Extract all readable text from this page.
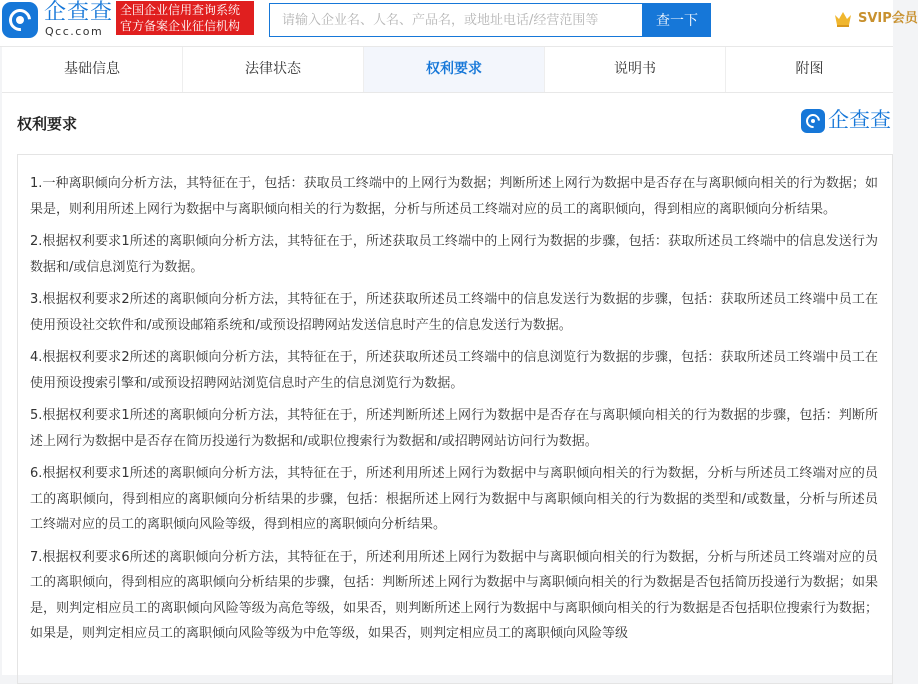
企查查
Qcc.com
全国企业信用查询系统
官方备案企业征信机构
请输入企业名、人名、产品名，或地址电话/经营范围等	查一下	SVIP会员
基础信息	法律状态	权利要求	说明书	附图
权利要求	企查查

1.一种离职倾向分析方法，其特征在于，包括：获取员工终端中的上网行为数据；判断所述上网行为数据中是否存在与离职倾向相关的行为数据；如果是，则利用所述上网行为数据中与离职倾向相关的行为数据，分析与所述员工终端对应的员工的离职倾向，得到相应的离职倾向分析结果。

2.根据权利要求1所述的离职倾向分析方法，其特征在于，所述获取员工终端中的上网行为数据的步骤，包括：获取所述员工终端中的信息发送行为数据和/或信息浏览行为数据。

3.根据权利要求2所述的离职倾向分析方法，其特征在于，所述获取所述员工终端中的信息发送行为数据的步骤，包括：获取所述员工终端中员工在使用预设社交软件和/或预设邮箱系统和/或预设招聘网站发送信息时产生的信息发送行为数据。

4.根据权利要求2所述的离职倾向分析方法，其特征在于，所述获取所述员工终端中的信息浏览行为数据的步骤，包括：获取所述员工终端中员工在使用预设搜索引擎和/或预设招聘网站浏览信息时产生的信息浏览行为数据。

5.根据权利要求1所述的离职倾向分析方法，其特征在于，所述判断所述上网行为数据中是否存在与离职倾向相关的行为数据的步骤，包括：判断所述上网行为数据中是否存在简历投递行为数据和/或职位搜索行为数据和/或招聘网站访问行为数据。

6.根据权利要求1所述的离职倾向分析方法，其特征在于，所述利用所述上网行为数据中与离职倾向相关的行为数据，分析与所述员工终端对应的员工的离职倾向，得到相应的离职倾向分析结果的步骤，包括：根据所述上网行为数据中与离职倾向相关的行为数据的类型和/或数量，分析与所述员工终端对应的员工的离职倾向风险等级，得到相应的离职倾向分析结果。

7.根据权利要求6所述的离职倾向分析方法，其特征在于，所述利用所述上网行为数据中与离职倾向相关的行为数据，分析与所述员工终端对应的员工的离职倾向，得到相应的离职倾向分析结果的步骤，包括：判断所述上网行为数据中与离职倾向相关的行为数据是否包括简历投递行为数据；如果是，则判定相应员工的离职倾向风险等级为高危等级，如果否，则判断所述上网行为数据中与离职倾向相关的行为数据是否包括职位搜索行为数据；如果是，则判定相应员工的离职倾向风险等级为中危等级，如果否，则判定相应员工的离职倾向风险等级
